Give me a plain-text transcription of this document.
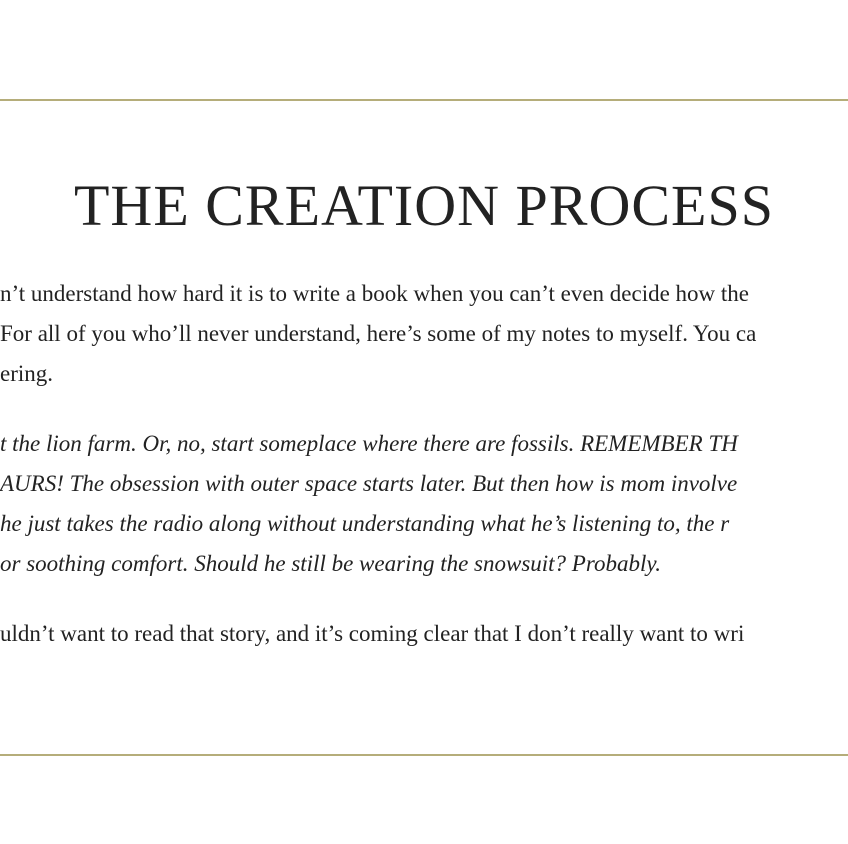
THE CREATION PROCESS
n’t understand how hard it is to write a book when you can’t even decide how the
For all of you who’ll never understand, here’s some of my notes to myself. You ca
ering.
t the lion farm. Or, no, start someplace where there are fossils. REMEMBER TH
AURS! The obsession with outer space starts later. But then how is mom involve
he just takes the radio along without understanding what he’s listening to, the r
or soothing comfort. Should he still be wearing the snowsuit? Probably.
uldn’t want to read that story, and it’s coming clear that I don’t really want to wri
